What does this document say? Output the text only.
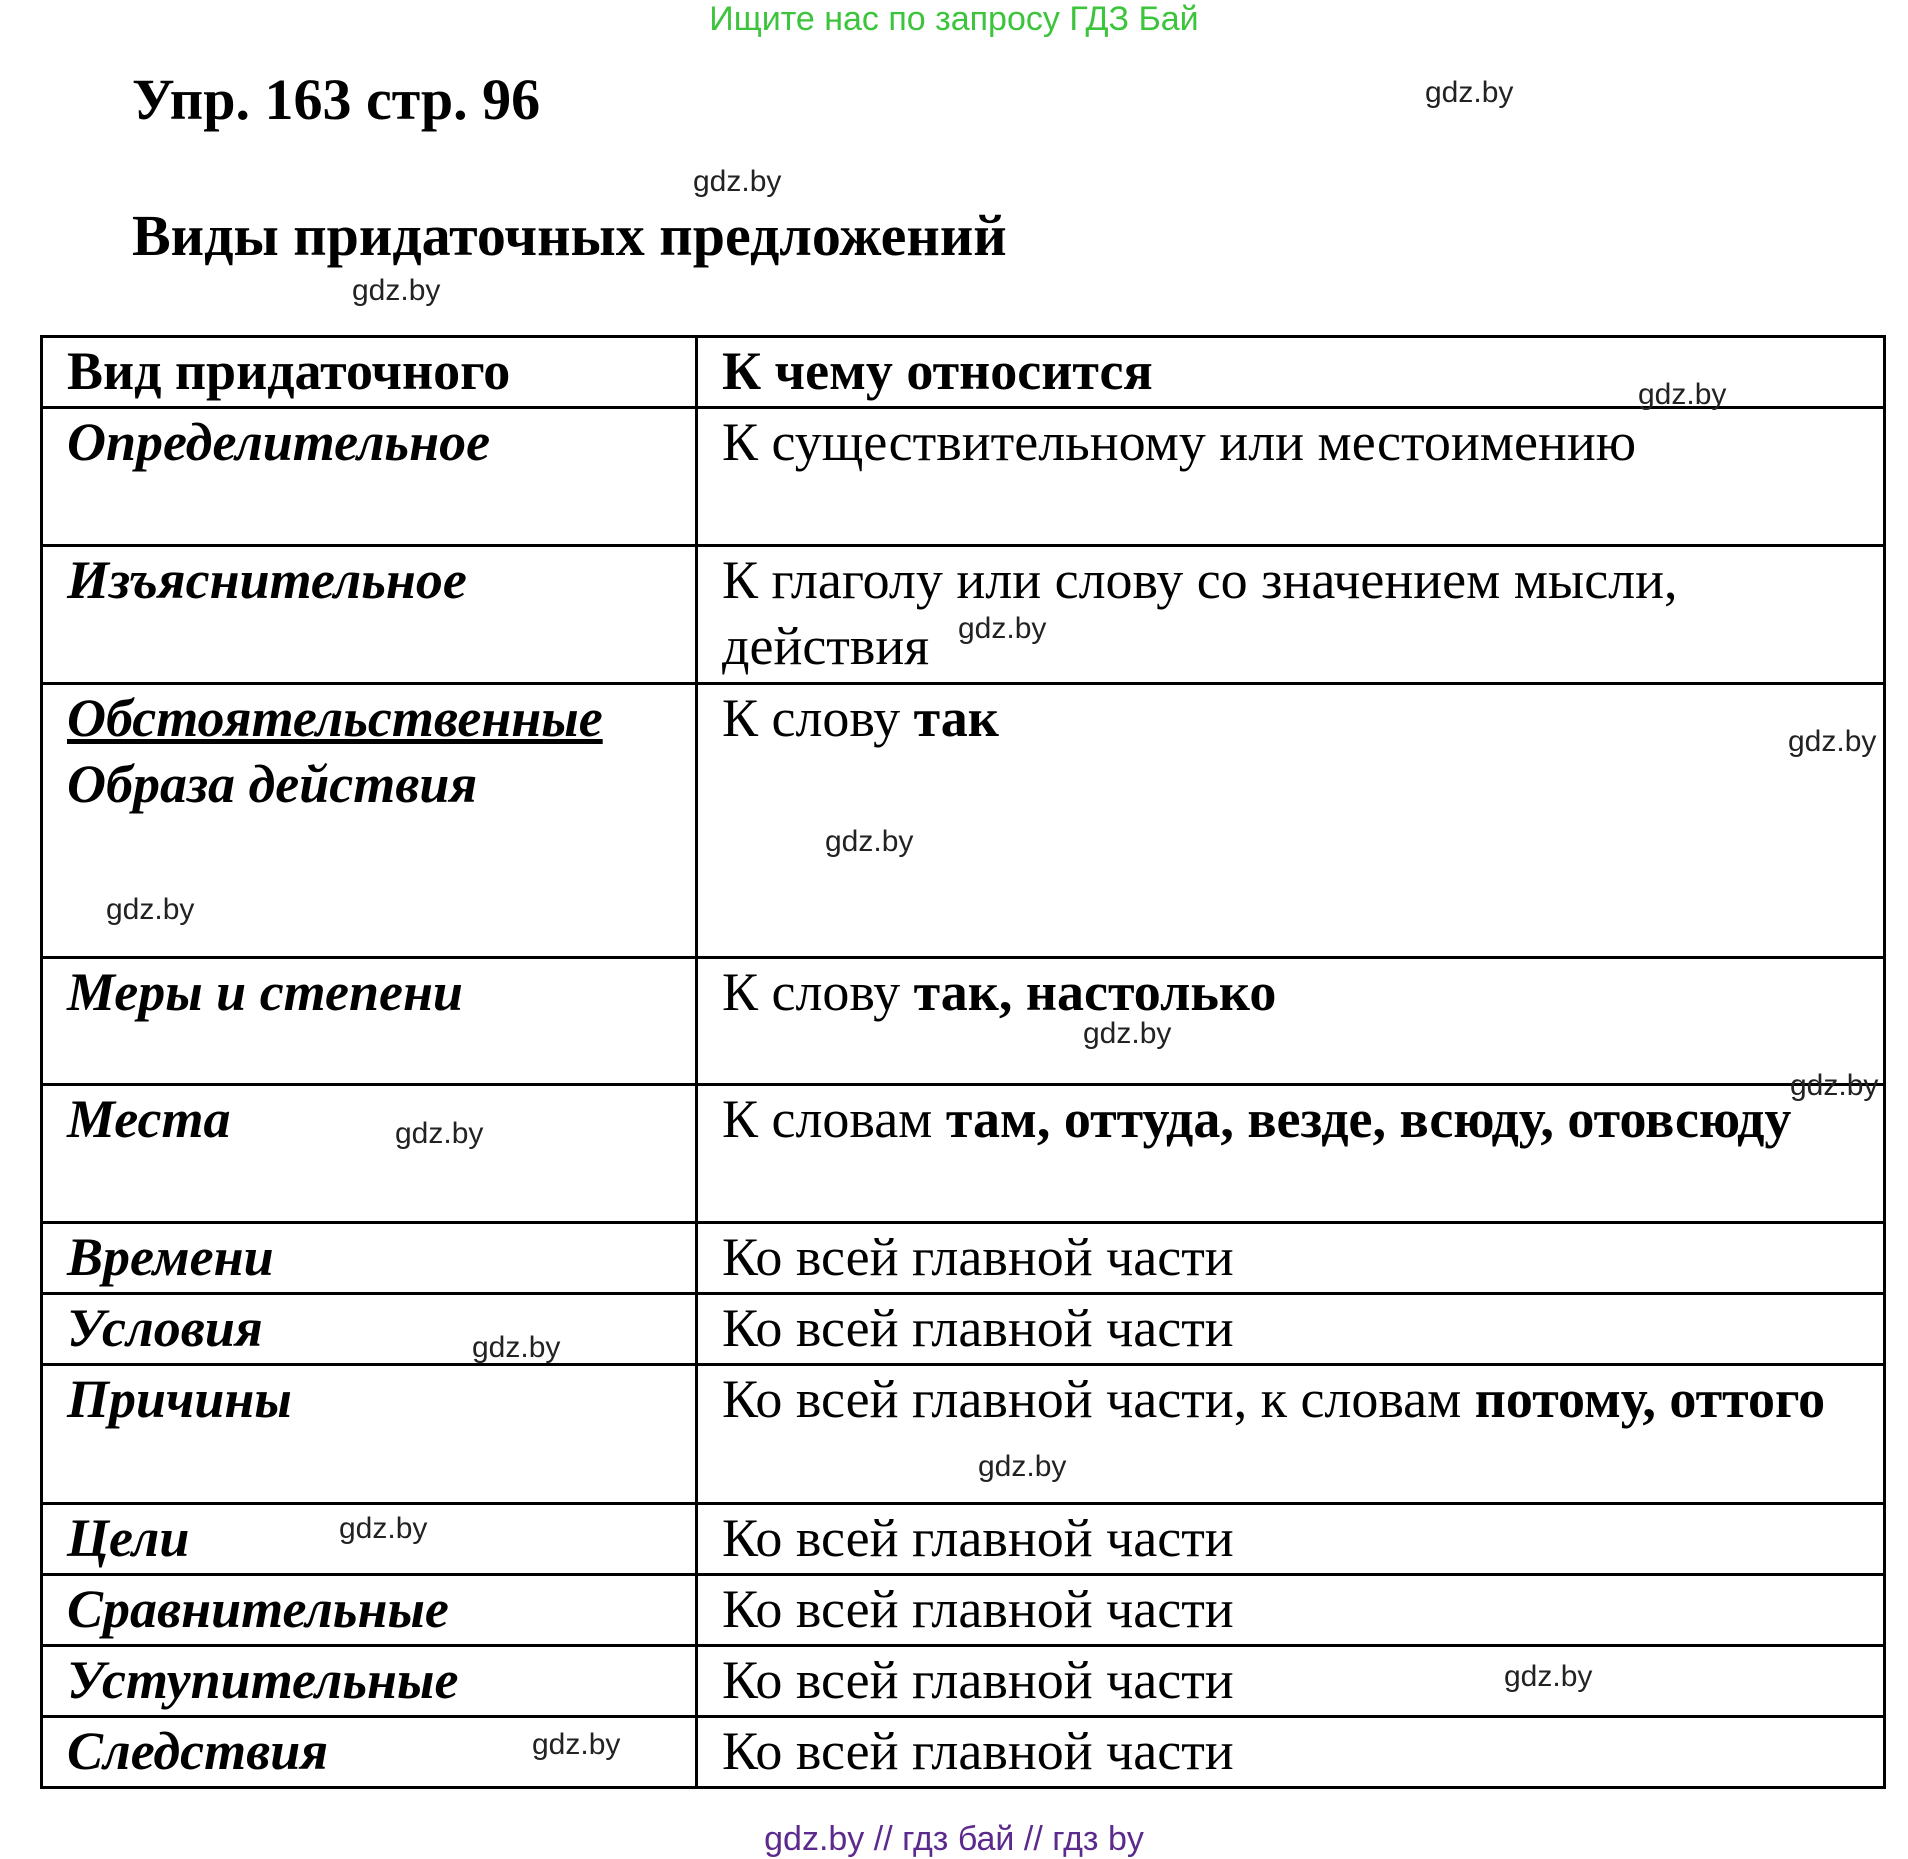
Ищите нас по запросу ГДЗ Бай
Упр. 163 стр. 96
Виды придаточных предложений
Вид придаточного	К чему относится
Определительное	К существительному или местоимению
Изъяснительное	К глаголу или слову со значением мысли, действия

Обстоятельственные
Образа действия	К слову так
Меры и степени	К слову так, настолько
Места	К словам там, оттуда, везде, всюду, отовсюду
Времени	Ко всей главной части
Условия	Ко всей главной части
Причины	Ко всей главной части, к словам потому, оттого
Цели	Ко всей главной части
Сравнительные	Ко всей главной части
Уступительные	Ко всей главной части
Следствия	Ко всей главной части
gdz.by
gdz.by
gdz.by
gdz.by
gdz.by
gdz.by
gdz.by
gdz.by
gdz.by
gdz.by
gdz.by
gdz.by
gdz.by
gdz.by
gdz.by
gdz.by
gdz.by // гдз бай // гдз by
